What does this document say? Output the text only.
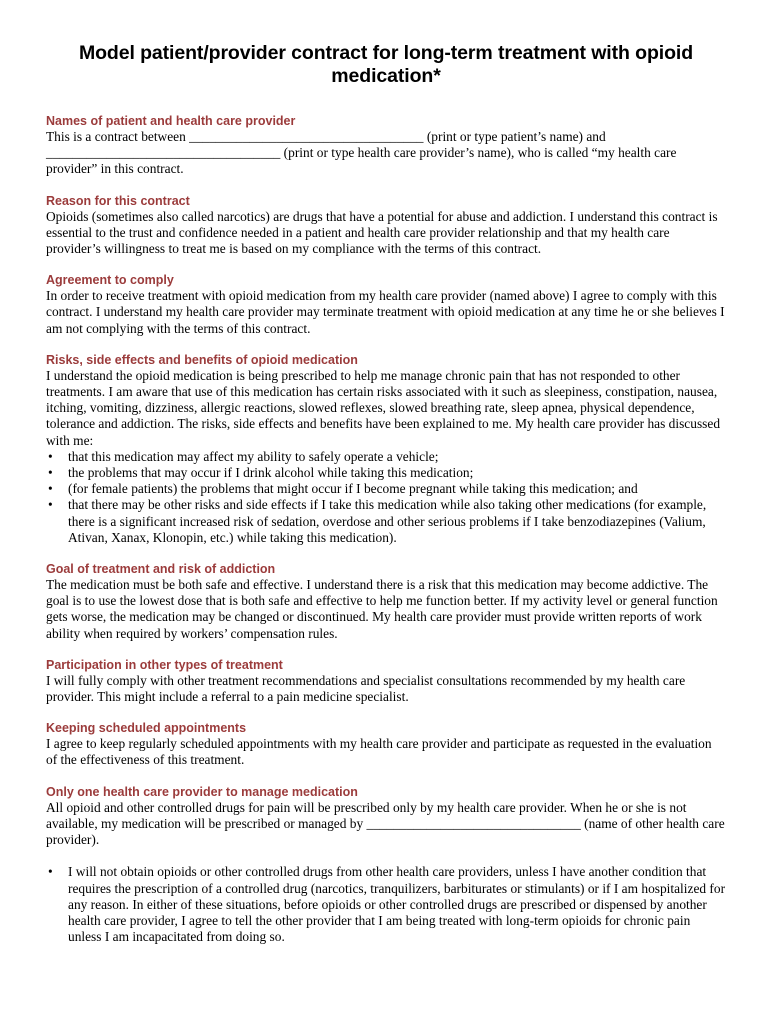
Model patient/provider contract for long-term treatment with opioid medication*

Names of patient and health care provider

This is a contract between ___________________________________ (print or type patient’s name) and ___________________________________ (print or type health care provider’s name), who is called “my health care provider” in this contract.

Reason for this contract

Opioids (sometimes also called narcotics) are drugs that have a potential for abuse and addiction. I understand this contract is essential to the trust and confidence needed in a patient and health care provider relationship and that my health care provider’s willingness to treat me is based on my compliance with the terms of this contract.

Agreement to comply

In order to receive treatment with opioid medication from my health care provider (named above) I agree to comply with this contract. I understand my health care provider may terminate treatment with opioid medication at any time he or she believes I am not complying with the terms of this contract.

Risks, side effects and benefits of opioid medication

I understand the opioid medication is being prescribed to help me manage chronic pain that has not responded to other treatments. I am aware that use of this medication has certain risks associated with it such as sleepiness, constipation, nausea, itching, vomiting, dizziness, allergic reactions, slowed reflexes, slowed breathing rate, sleep apnea, physical dependence, tolerance and addiction. The risks, side effects and benefits have been explained to me. My health care provider has discussed with me:

• that this medication may affect my ability to safely operate a vehicle;
• the problems that may occur if I drink alcohol while taking this medication;
• (for female patients) the problems that might occur if I become pregnant while taking this medication; and
• that there may be other risks and side effects if I take this medication while also taking other medications (for example, there is a significant increased risk of sedation, overdose and other serious problems if I take benzodiazepines (Valium, Ativan, Xanax, Klonopin, etc.) while taking this medication).

Goal of treatment and risk of addiction

The medication must be both safe and effective. I understand there is a risk that this medication may become addictive. The goal is to use the lowest dose that is both safe and effective to help me function better. If my activity level or general function gets worse, the medication may be changed or discontinued. My health care provider must provide written reports of work ability when required by workers’ compensation rules.

Participation in other types of treatment

I will fully comply with other treatment recommendations and specialist consultations recommended by my health care provider. This might include a referral to a pain medicine specialist.

Keeping scheduled appointments

I agree to keep regularly scheduled appointments with my health care provider and participate as requested in the evaluation of the effectiveness of this treatment.

Only one health care provider to manage medication

All opioid and other controlled drugs for pain will be prescribed only by my health care provider. When he or she is not available, my medication will be prescribed or managed by ________________________________ (name of other health care provider).

• I will not obtain opioids or other controlled drugs from other health care providers, unless I have another condition that requires the prescription of a controlled drug (narcotics, tranquilizers, barbiturates or stimulants) or if I am hospitalized for any reason. In either of these situations, before opioids or other controlled drugs are prescribed or dispensed by another health care provider, I agree to tell the other provider that I am being treated with long-term opioids for chronic pain unless I am incapacitated from doing so.
